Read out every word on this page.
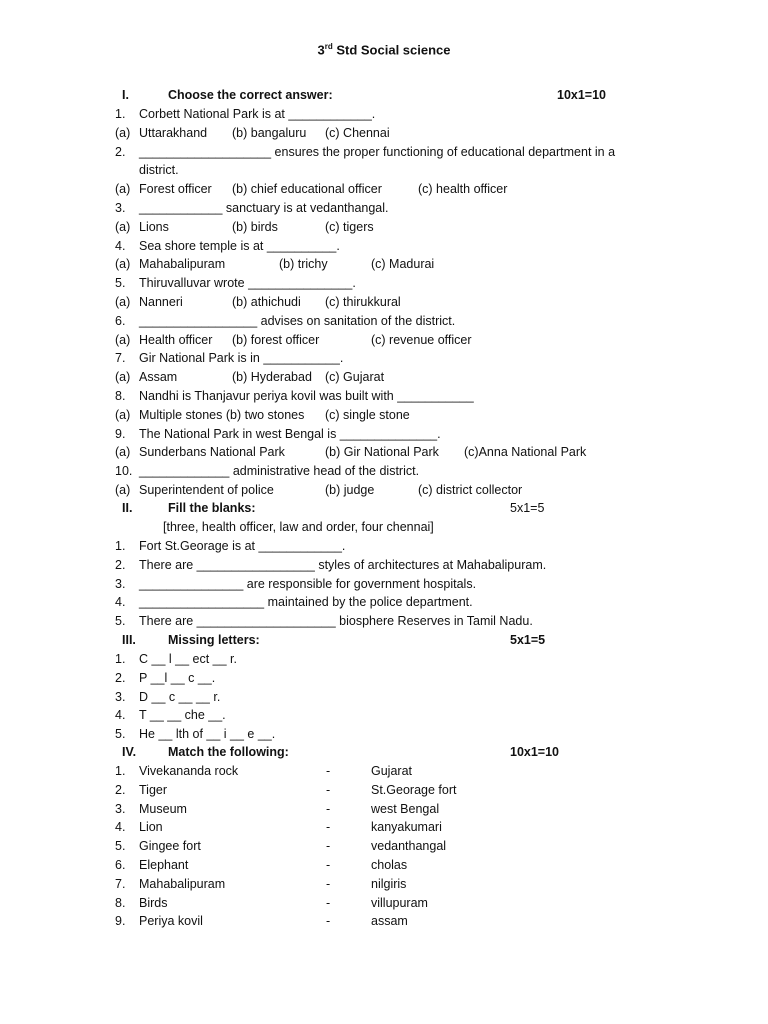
3rd Std Social science
I.	Choose the correct answer:	10x1=10
1. Corbett National Park is at ____________.
(a) Uttarakhand (b) bangaluru (c) Chennai
2. ___________________ ensures the proper functioning of educational department in a
district.
(a) Forest officer (b) chief educational officer	(c) health officer
3. ____________ sanctuary is at vedanthangal.
(a) Lions	(b) birds	(c) tigers
4. Sea shore temple is at __________.
(a) Mahabalipuram	(b) trichy	(c) Madurai
5. Thiruvalluvar wrote _______________.
(a) Nanneri	(b) athichudi (c) thirukkural
6. _________________ advises on sanitation of the district.
(a) Health officer (b) forest officer	(c) revenue officer
7. Gir National Park is in ___________.
(a) Assam	(b) Hyderabad (c) Gujarat
8. Nandhi is Thanjavur periya kovil was built with ___________
(a) Multiple stones (b) two stones (c) single stone
9. The National Park in west Bengal is ______________.
(a) Sunderbans National Park	(b) Gir National Park (c)Anna National Park
10. _____________ administrative head of the district.
(a) Superintendent of police	(b) judge	(c) district collector
II.	Fill the blanks:	5x1=5
[three, health officer, law and order, four chennai]
1. Fort St.Georage is at ____________.
2. There are _________________ styles of architectures at Mahabalipuram.
3. _______________ are responsible for government hospitals.
4. __________________ maintained by the police department.
5. There are ____________________ biosphere Reserves in Tamil Nadu.
III.	Missing letters:	5x1=5
1. C __ l __ ect __ r.
2. P __l __ c __.
3. D __ c __ __ r.
4. T __ __ che __.
5. He __ lth of __ i __ e __.
IV.	Match the following:	10x1=10
1. Vivekananda rock	-	Gujarat
2. Tiger	-	St.Georage fort
3. Museum	-	west Bengal
4. Lion	-	kanyakumari
5. Gingee fort	-	vedanthangal
6. Elephant	-	cholas
7. Mahabalipuram	-	nilgiris
8. Birds	-	villupuram
9. Periya kovil	-	assam
